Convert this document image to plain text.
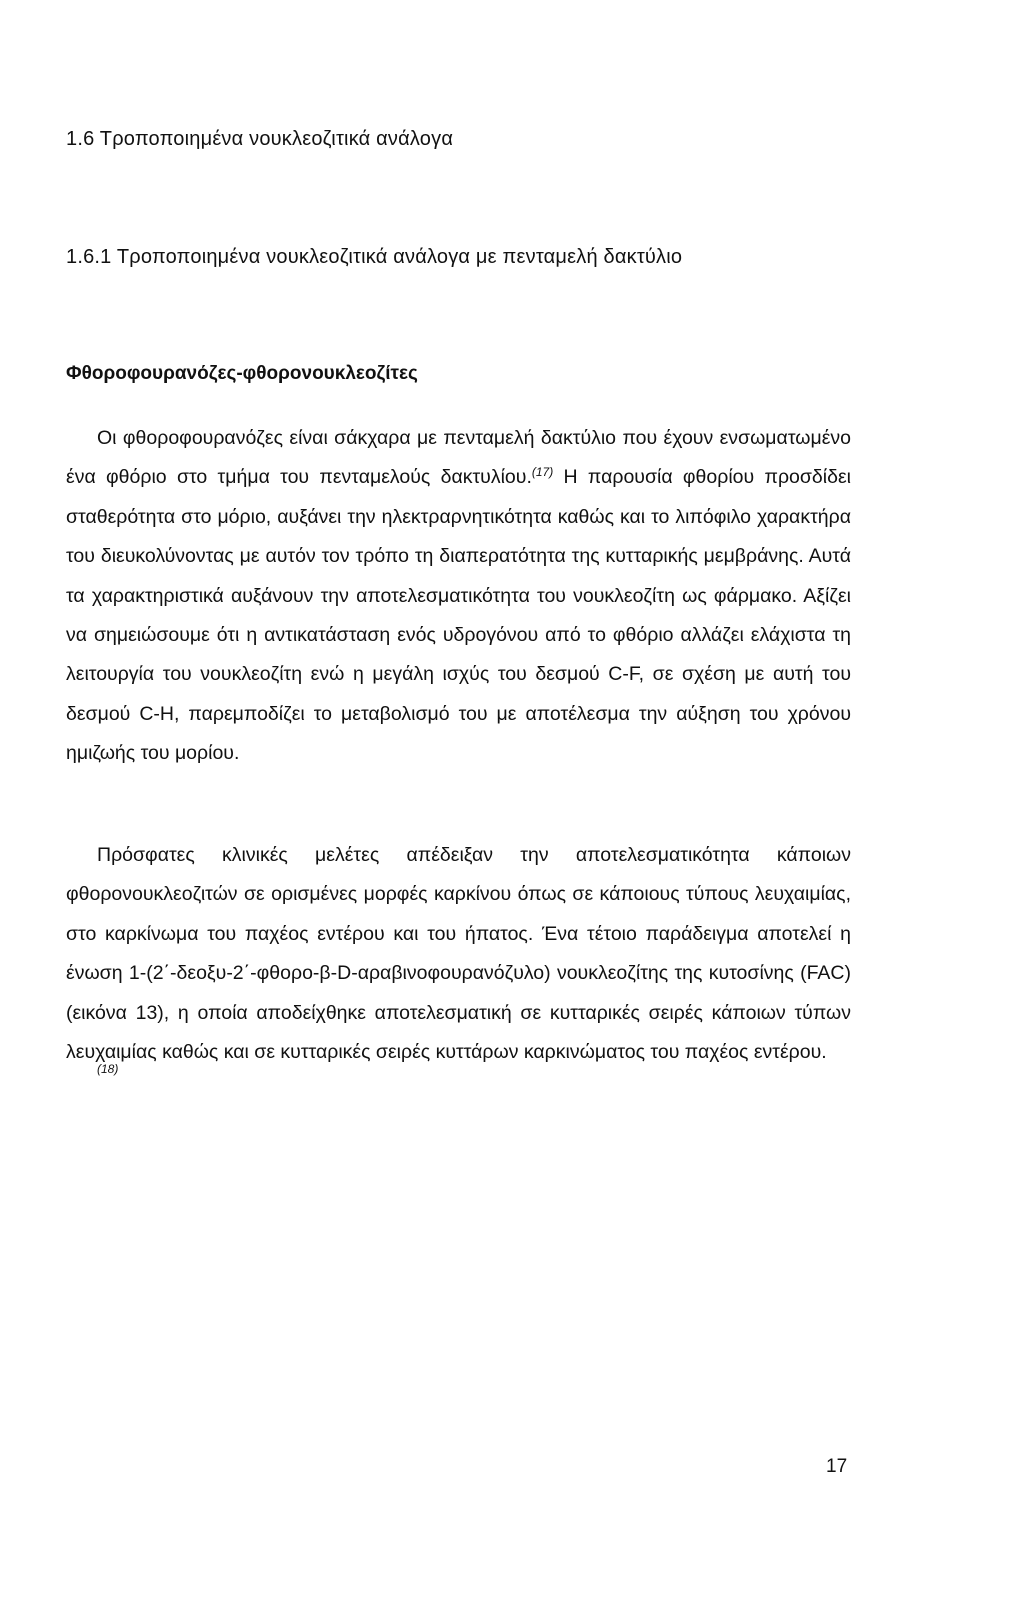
1.6 Τροποποιημένα νουκλεοζιτικά ανάλογα
1.6.1 Τροποποιημένα νουκλεοζιτικά ανάλογα με πενταμελή δακτύλιο
Φθοροφουρανόζες-φθορονουκλεοζίτες

Οι φθοροφουρανόζες είναι σάκχαρα με πενταμελή δακτύλιο που έχουν ενσωματωμένο ένα φθόριο στο τμήμα του πενταμελούς δακτυλίου.$^{(17)}$ Η παρουσία φθορίου προσδίδει σταθερότητα στο μόριο, αυξάνει την ηλεκτραρνητικότητα καθώς και το λιπόφιλο χαρακτήρα του διευκολύνοντας με αυτόν τον τρόπο τη διαπερατότητα της κυτταρικής μεμβράνης. Αυτά τα χαρακτηριστικά αυξάνουν την αποτελεσματικότητα του νουκλεοζίτη ως φάρμακο. Αξίζει να σημειώσουμε ότι η αντικατάσταση ενός υδρογόνου από το φθόριο αλλάζει ελάχιστα τη λειτουργία του νουκλεοζίτη ενώ η μεγάλη ισχύς του δεσμού C-F, σε σχέση με αυτή του δεσμού C-H, παρεμποδίζει το μεταβολισμό του με αποτέλεσμα την αύξηση του χρόνου ημιζωής του μορίου.

Πρόσφατες κλινικές μελέτες απέδειξαν την αποτελεσματικότητα κάποιων φθορονουκλεοζιτών σε ορισμένες μορφές καρκίνου όπως σε κάποιους τύπους λευχαιμίας, στο καρκίνωμα του παχέος εντέρου και του ήπατος. Ένα τέτοιο παράδειγμα αποτελεί η ένωση 1-(2΄-δεοξυ-2΄-φθορο-β-D-αραβινοφουρανόζυλο) νουκλεοζίτης της κυτοσίνης (FAC) (εικόνα 13), η οποία αποδείχθηκε αποτελεσματική σε κυτταρικές σειρές κάποιων τύπων λευχαιμίας καθώς και σε κυτταρικές σειρές κυττάρων καρκινώματος του παχέος εντέρου.
(18)

17
